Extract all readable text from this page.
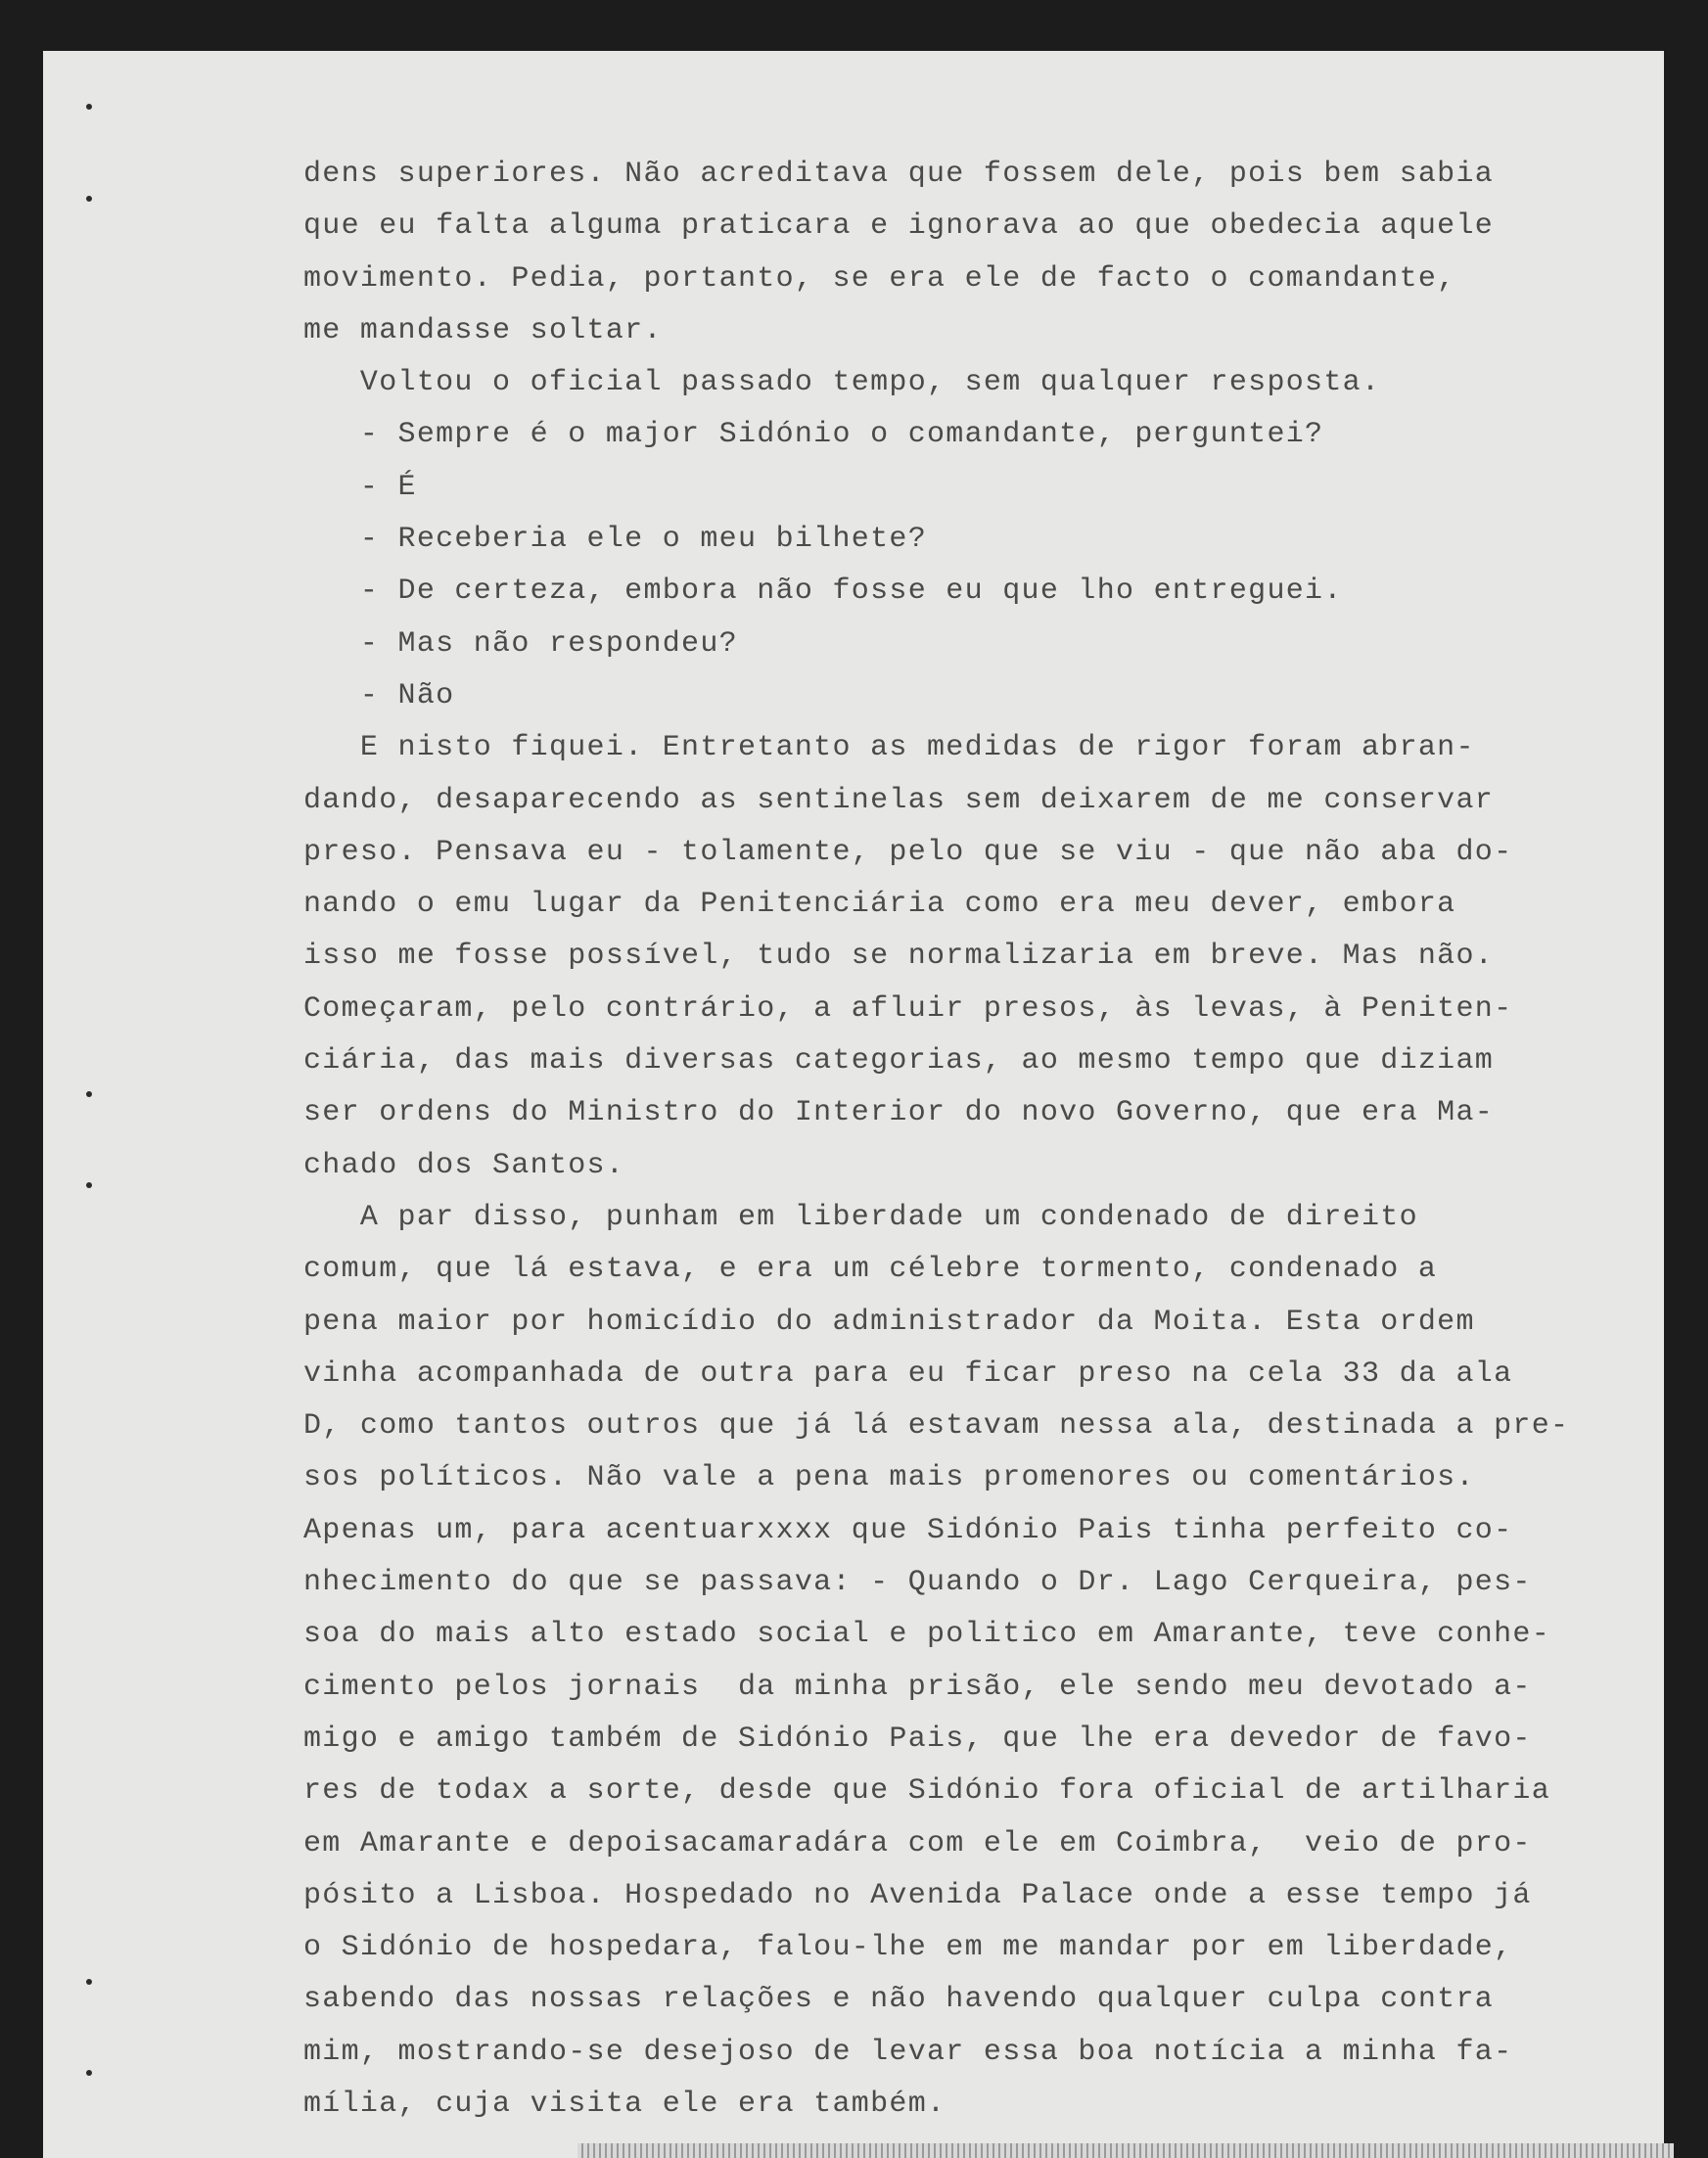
dens superiores. Não acreditava que fossem dele, pois bem sabia
que eu falta alguma praticara e ignorava ao que obedecia aquele
movimento. Pedia, portanto, se era ele de facto o comandante,
me mandasse soltar.
Voltou o oficial passado tempo, sem qualquer resposta.
- Sempre é o major Sidónio o comandante, perguntei?
- É
- Receberia ele o meu bilhete?
- De certeza, embora não fosse eu que lho entreguei.
- Mas não respondeu?
- Não
E nisto fiquei. Entretanto as medidas de rigor foram abran-
dando, desaparecendo as sentinelas sem deixarem de me conservar
preso. Pensava eu - tolamente, pelo que se viu - que não aba do-
nando o emu lugar da Penitenciária como era meu dever, embora
isso me fosse possível, tudo se normalizaria em breve. Mas não.
Começaram, pelo contrário, a afluir presos, às levas, à Peniten-
ciária, das mais diversas categorias, ao mesmo tempo que diziam
ser ordens do Ministro do Interior do novo Governo, que era Ma-
chado dos Santos.
A par disso, punham em liberdade um condenado de direito
comum, que lá estava, e era um célebre tormento, condenado a
pena maior por homicídio do administrador da Moita. Esta ordem
vinha acompanhada de outra para eu ficar preso na cela 33 da ala
D, como tantos outros que já lá estavam nessa ala, destinada a pre-
sos políticos. Não vale a pena mais promenores ou comentários.
Apenas um, para acentuarxxxx que Sidónio Pais tinha perfeito co-
nhecimento do que se passava: - Quando o Dr. Lago Cerqueira, pes-
soa do mais alto estado social e politico em Amarante, teve conhe-
cimento pelos jornais  da minha prisão, ele sendo meu devotado a-
migo e amigo também de Sidónio Pais, que lhe era devedor de favo-
res de todax a sorte, desde que Sidónio fora oficial de artilharia
em Amarante e depoisacamaradára com ele em Coimbra,  veio de pro-
pósito a Lisboa. Hospedado no Avenida Palace onde a esse tempo já
o Sidónio de hospedara, falou-lhe em me mandar por em liberdade,
sabendo das nossas relações e não havendo qualquer culpa contra
mim, mostrando-se desejoso de levar essa boa notícia a minha fa-
mília, cuja visita ele era também.
